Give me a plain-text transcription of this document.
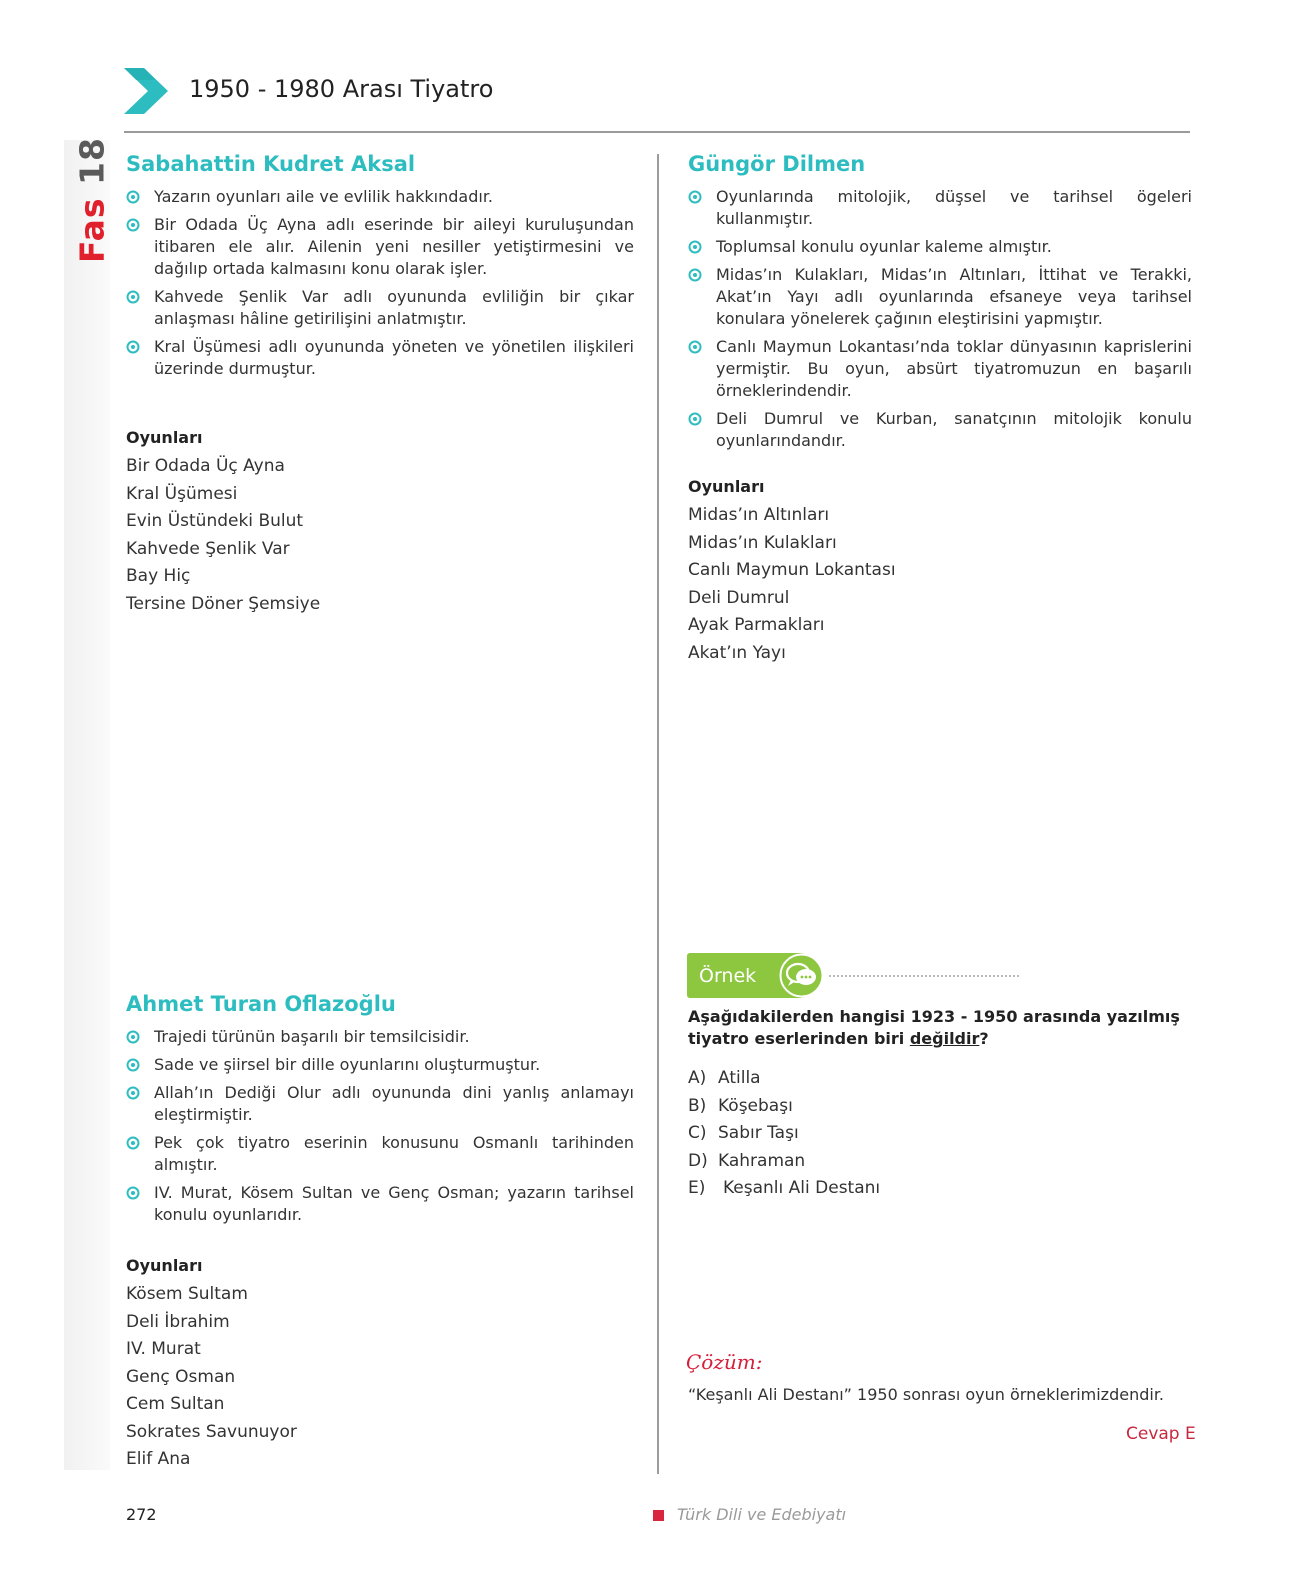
Fas 18
1950 - 1980 Arası Tiyatro
Sabahattin Kudret Aksal
Yazarın oyunları aile ve evlilik hakkındadır.
Bir Odada Üç Ayna adlı eserinde bir aileyi kuruluşundan itibaren ele alır. Ailenin yeni nesiller yetiştirmesini ve dağılıp ortada kalmasını konu olarak işler.
Kahvede Şenlik Var adlı oyununda evliliğin bir çıkar anlaşması hâline getirilişini anlatmıştır.
Kral Üşümesi adlı oyununda yöneten ve yönetilen ilişkileri üzerinde durmuştur.

Oyunları

Bir Odada Üç Ayna
Kral Üşümesi
Evin Üstündeki Bulut
Kahvede Şenlik Var
Bay Hiç
Tersine Döner Şemsiye
Ahmet Turan Oflazoğlu
Trajedi türünün başarılı bir temsilcisidir.
Sade ve şiirsel bir dille oyunlarını oluşturmuştur.
Allah’ın Dediği Olur adlı oyununda dini yanlış anlamayı eleştirmiştir.
Pek çok tiyatro eserinin konusunu Osmanlı tarihinden almıştır.
IV. Murat, Kösem Sultan ve Genç Osman; yazarın tarihsel konulu oyunlarıdır.

Oyunları

Kösem Sultam
Deli İbrahim
IV. Murat
Genç Osman
Cem Sultan
Sokrates Savunuyor
Elif Ana
Güngör Dilmen
Oyunlarında mitolojik, düşsel ve tarihsel ögeleri kullanmıştır.
Toplumsal konulu oyunlar kaleme almıştır.
Midas’ın Kulakları, Midas’ın Altınları, İttihat ve Terakki, Akat’ın Yayı adlı oyunlarında efsaneye veya tarihsel konulara yönelerek çağının eleştirisini yapmıştır.
Canlı Maymun Lokantası’nda toklar dünyasının kaprislerini yermiştir. Bu oyun, absürt tiyatromuzun en başarılı örneklerindendir.
Deli Dumrul ve Kurban, sanatçının mitolojik konulu oyunlarındandır.

Oyunları

Midas’ın Altınları
Midas’ın Kulakları
Canlı Maymun Lokantası
Deli Dumrul
Ayak Parmakları
Akat’ın Yayı
Örnek
Aşağıdakilerden hangisi 1923 - 1950 arasında yazılmış tiyatro eserlerinden biri değildir?
A) Atilla
B) Köşebaşı
C) Sabır Taşı
D) Kahraman
E) Keşanlı Ali Destanı
Çözüm:
“Keşanlı Ali Destanı” 1950 sonrası oyun örneklerimizdendir.
Cevap E
272	Türk Dili ve Edebiyatı
